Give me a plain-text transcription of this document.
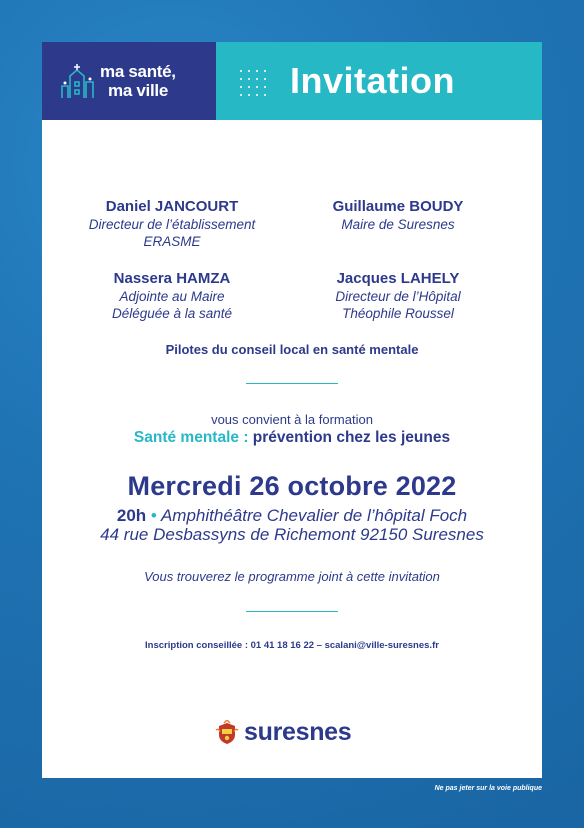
ma santé,
ma ville	Invitation
Daniel JANCOURT
Directeur de l’établissement
ERASME
Guillaume BOUDY
Maire de Suresnes
Nassera HAMZA
Adjointe au Maire
Déléguée à la santé
Jacques LAHELY
Directeur de l’Hôpital
Théophile Roussel
Pilotes du conseil local en santé mentale
vous convient à la formation
Santé mentale : prévention chez les jeunes
Mercredi 26 octobre 2022
20h • Amphithéâtre Chevalier de l’hôpital Foch
44 rue Desbassyns de Richemont 92150 Suresnes
Vous trouverez le programme joint à cette invitation
Inscription conseillée : 01 41 18 16 22 – scalani@ville-suresnes.fr
suresnes
Ne pas jeter sur la voie publique
